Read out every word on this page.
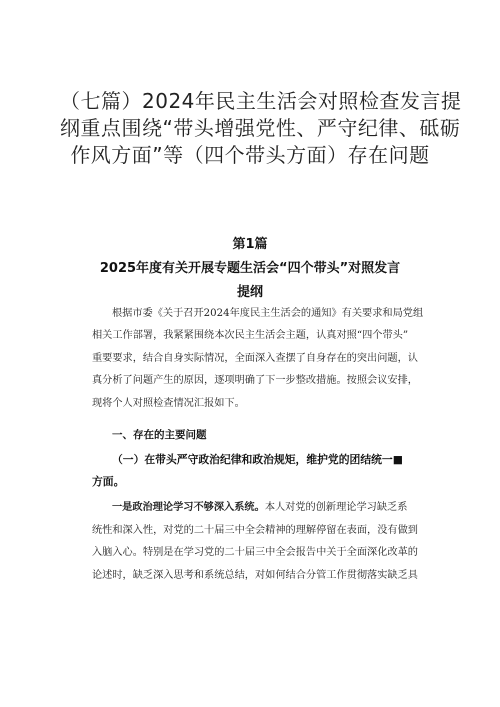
（七篇）2024年民主生活会对照检查发言提
纲重点围绕“带头增强党性、严守纪律、砥砺
作风方面”等（四个带头方面）存在问题

第1篇

2025年度有关开展专题生活会“四个带头”对照发言

提纲

根据市委《关于召开2024年度民主生活会的通知》有关要求和局党组
相关工作部署，我紧紧围绕本次民主生活会主题，认真对照“四个带头”
重要要求，结合自身实际情况，全面深入查摆了自身存在的突出问题，认
真分析了问题产生的原因，逐项明确了下一步整改措施。按照会议安排，
现将个人对照检查情况汇报如下。

一、存在的主要问题

（一）在带头严守政治纪律和政治规矩，维护党的团结统一■
方面。
一是政治理论学习不够深入系统。本人对党的创新理论学习缺乏系
统性和深入性，对党的二十届三中全会精神的理解停留在表面，没有做到
入脑入心。特别是在学习党的二十届三中全会报告中关于全面深化改革的
论述时，缺乏深入思考和系统总结，对如何结合分管工作贯彻落实缺乏具
